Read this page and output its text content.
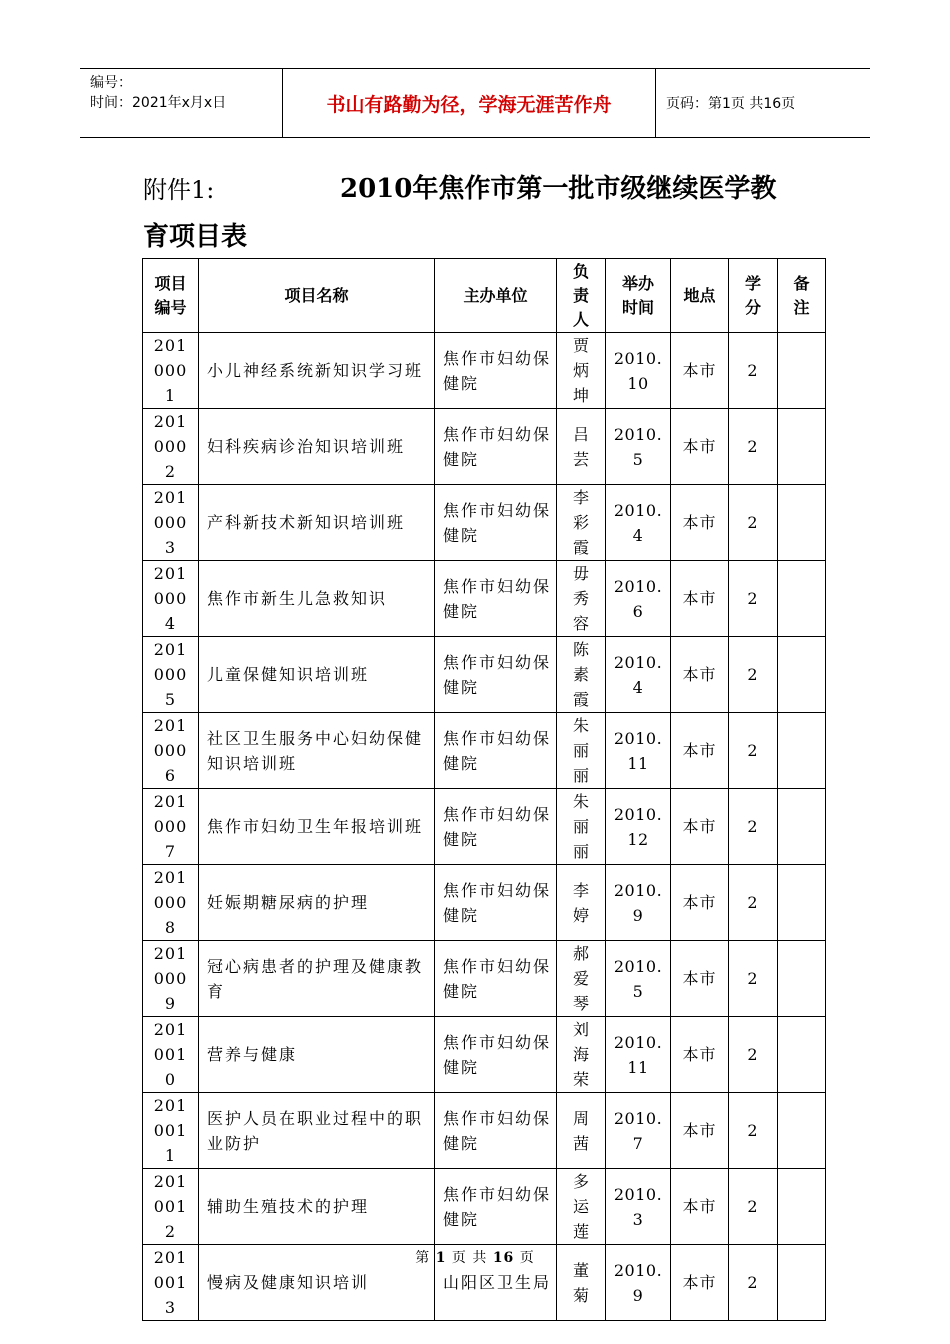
编号：
时间：2021年x月x日	书山有路勤为径，学海无涯苦作舟	页码：第1页 共16页
附件1:	2010年焦作市第一批市级继续医学教
育项目表
项目编号	项目名称	主办单位	负责人	举办时间	地点	学分	备注

2010001	小儿神经系统新知识学习班	焦作市妇幼保健院	贾炳坤	2010.10	本市	2	

2010002	妇科疾病诊治知识培训班	焦作市妇幼保健院	吕芸	2010.5	本市	2	

2010003	产科新技术新知识培训班	焦作市妇幼保健院	李彩霞	2010.4	本市	2	

2010004	焦作市新生儿急救知识	焦作市妇幼保健院	毋秀容	2010.6	本市	2	

2010005	儿童保健知识培训班	焦作市妇幼保健院	陈素霞	2010.4	本市	2	

2010006	社区卫生服务中心妇幼保健知识培训班	焦作市妇幼保健院	朱丽丽	2010.11	本市	2	

2010007	焦作市妇幼卫生年报培训班	焦作市妇幼保健院	朱丽丽	2010.12	本市	2	

2010008	妊娠期糖尿病的护理	焦作市妇幼保健院	李婷	2010.9	本市	2	

2010009	冠心病患者的护理及健康教育	焦作市妇幼保健院	郝爱琴	2010.5	本市	2	

2010010	营养与健康	焦作市妇幼保健院	刘海荣	2010.11	本市	2	

2010011	医护人员在职业过程中的职业防护	焦作市妇幼保健院	周茜	2010.7	本市	2	

2010012	辅助生殖技术的护理	焦作市妇幼保健院	多运莲	2010.3	本市	2	

2010013	慢病及健康知识培训	山阳区卫生局	董菊	2010.9	本市	2	
第 1 页 共 16 页
